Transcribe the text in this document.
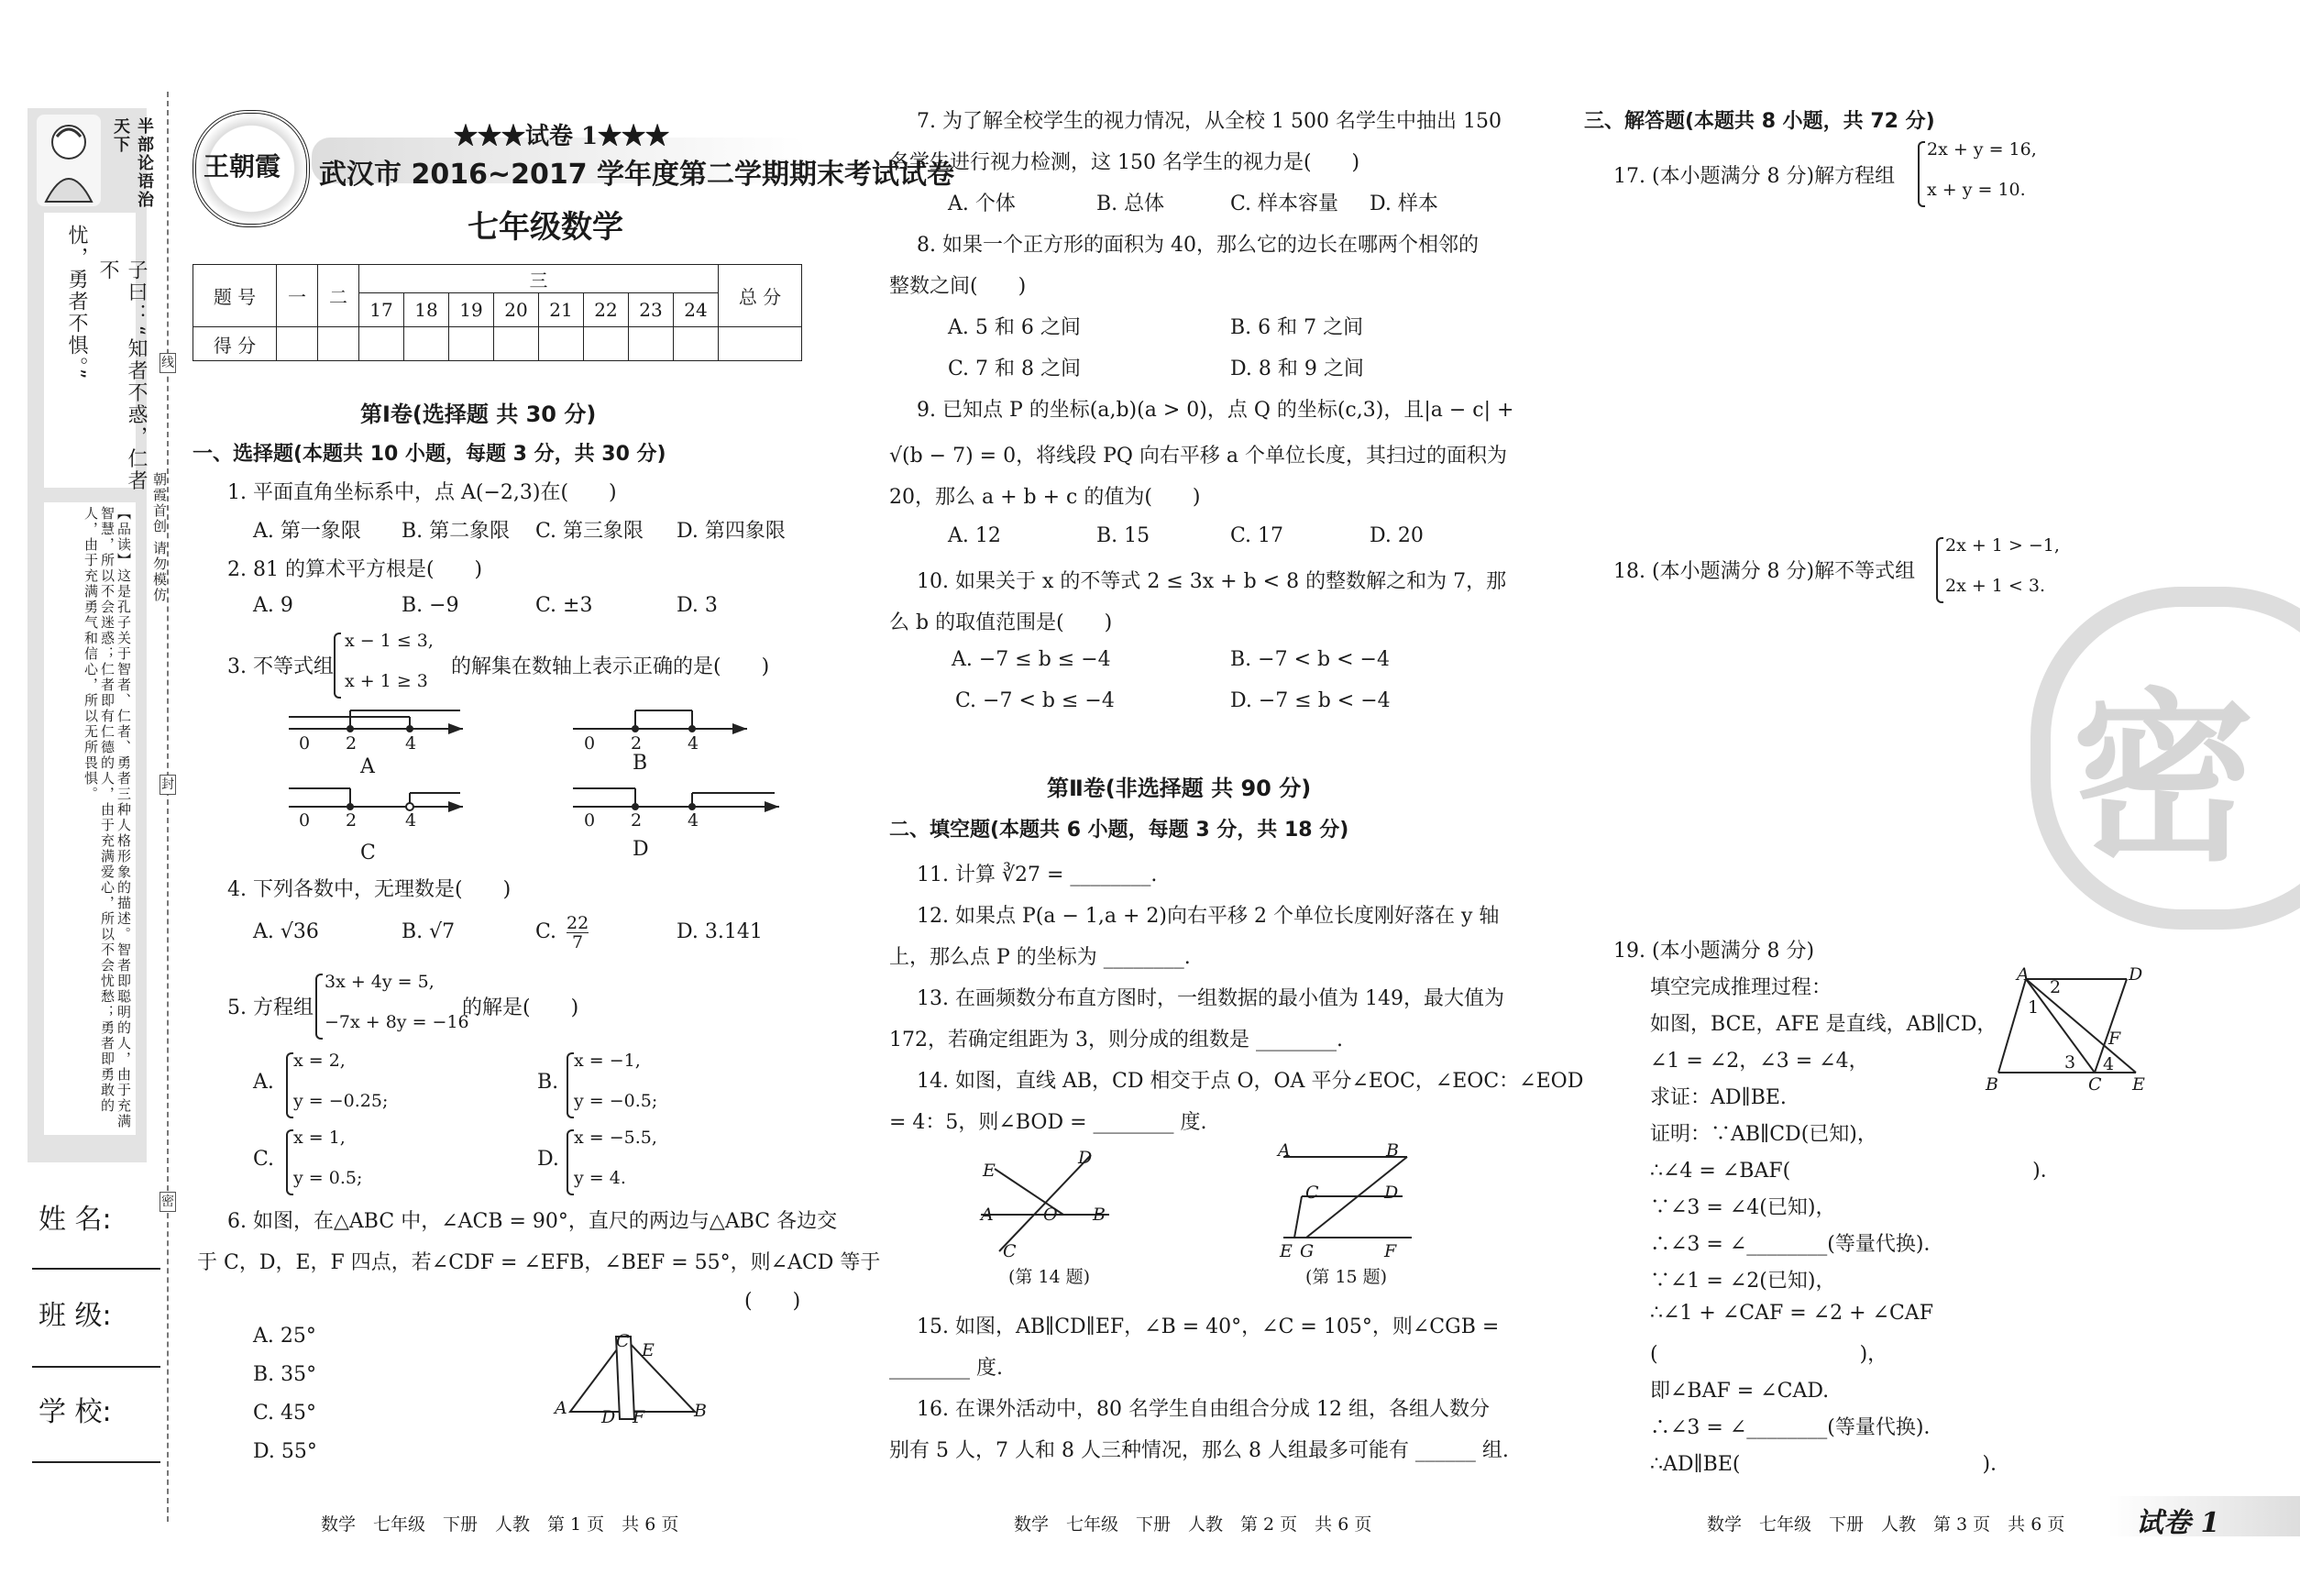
半部论语治天下
子曰：“知者不惑，仁者不
忧，勇者不惧。”
【品读】这是孔子关于智者、仁者、勇者三种人格形象的描述。智者即聪明的人，由于充满智慧，所以不会迷惑；仁者即有仁德的人，由于充满爱心，所以不会忧愁；勇者即勇敢的人，由于充满勇气和信心，所以无所畏惧。
线
朝霞首创 请勿模仿
封
密
姓 名:
班 级:
学 校:
王朝霞
★★★试卷 1★★★
武汉市 2016~2017 学年度第二学期期末考试试卷
七年级数学
题 号	一	二	三								总 分
			17	18	19	20	21	22	23	24	
得 分											
第Ⅰ卷(选择题 共 30 分)
一、选择题(本题共 10 小题，每题 3 分，共 30 分)
1. 平面直角坐标系中，点 A(−2,3)在(　　)
A. 第一象限 B. 第二象限 C. 第三象限 D. 第四象限
2. 81 的算术平方根是(　　)
A. 9	B. −9	C. ±3	D. 3
3. 不等式组
x − 1 ≤ 3,
x + 1 ≥ 3
的解集在数轴上表示正确的是(　　)
0 2	4
A
0 2	4
B
0 2	4
C
0 2	4
D
4. 下列各数中，无理数是(　　)
A. √36	B. √7	C. $\frac{22}{7}$	D. 3.141
5. 方程组
3x + 4y = 5,
−7x + 8y = −16
的解是(　　)
A.
x = 2,
y = −0.25;
B.
x = −1,
y = −0.5;
C.
x = 1,
y = 0.5;
D.
x = −5.5,
y = 4.
6. 如图，在△ABC 中，∠ACB = 90°，直尺的两边与△ABC 各边交
于 C，D，E，F 四点，若∠CDF = ∠EFB，∠BEF = 55°，则∠ACD 等于
(　　)
A. 25°
B. 35°
C. 45°
D. 55°
A	B
C
D
E
F
数学　七年级　下册　人教　第 1 页　共 6 页
7. 为了解全校学生的视力情况，从全校 1 500 名学生中抽出 150
名学生进行视力检测，这 150 名学生的视力是(　　)
A. 个体	B. 总体	C. 样本容量 D. 样本
8. 如果一个正方形的面积为 40，那么它的边长在哪两个相邻的
整数之间(　　)
A. 5 和 6 之间	B. 6 和 7 之间
C. 7 和 8 之间	D. 8 和 9 之间
9. 已知点 P 的坐标(a,b)(a > 0)，点 Q 的坐标(c,3)，且|a − c| +
√(b − 7) = 0，将线段 PQ 向右平移 a 个单位长度，其扫过的面积为
20，那么 a + b + c 的值为(　　)
A. 12	B. 15	C. 17	D. 20
10. 如果关于 x 的不等式 2 ≤ 3x + b < 8 的整数解之和为 7，那
么 b 的取值范围是(　　)
A. −7 ≤ b ≤ −4	B. −7 < b < −4
C. −7 < b ≤ −4	D. −7 ≤ b < −4
第Ⅱ卷(非选择题 共 90 分)
二、填空题(本题共 6 小题，每题 3 分，共 18 分)
11. 计算 ∛27 = ________.
12. 如果点 P(a − 1,a + 2)向右平移 2 个单位长度刚好落在 y 轴
上，那么点 P 的坐标为 ________.
13. 在画频数分布直方图时，一组数据的最小值为 149，最大值为
172，若确定组距为 3，则分成的组数是 ________.
14. 如图，直线 AB，CD 相交于点 O，OA 平分∠EOC，∠EOC：∠EOD
= 4：5，则∠BOD = ________ 度.
E
D
A	O B
C
(第 14 题)
A	B
C	D
E G	F
(第 15 题)
15. 如图，AB∥CD∥EF，∠B = 40°，∠C = 105°，则∠CGB =
________ 度.
16. 在课外活动中，80 名学生自由组合分成 12 组，各组人数分
别有 5 人，7 人和 8 人三种情况，那么 8 人组最多可能有 ______ 组.
数学　七年级　下册　人教　第 2 页　共 6 页
密
三、解答题(本题共 8 小题，共 72 分)
17. (本小题满分 8 分)解方程组
2x + y = 16,
x + y = 10.
18. (本小题满分 8 分)解不等式组
2x + 1 > −1,
2x + 1 < 3.
19. (本小题满分 8 分)
填空完成推理过程：
如图，BCE，AFE 是直线，AB∥CD，
∠1 = ∠2，∠3 = ∠4，
求证：AD∥BE.
证明：∵AB∥CD(已知)，
∴∠4 = ∠BAF(　　　　　　　　　　　　)．
∵∠3 = ∠4(已知)，
∴∠3 = ∠________(等量代换)．
∵∠1 = ∠2(已知)，
∴∠1 + ∠CAF = ∠2 + ∠CAF
(　　　　　　　　　　)，
即∠BAF = ∠CAD.
∴∠3 = ∠________(等量代换)．
∴AD∥BE(　　　　　　　　　　　　)．
A	D
1
2
F
3 4
B	C E
数学　七年级　下册　人教　第 3 页　共 6 页	试卷 1
